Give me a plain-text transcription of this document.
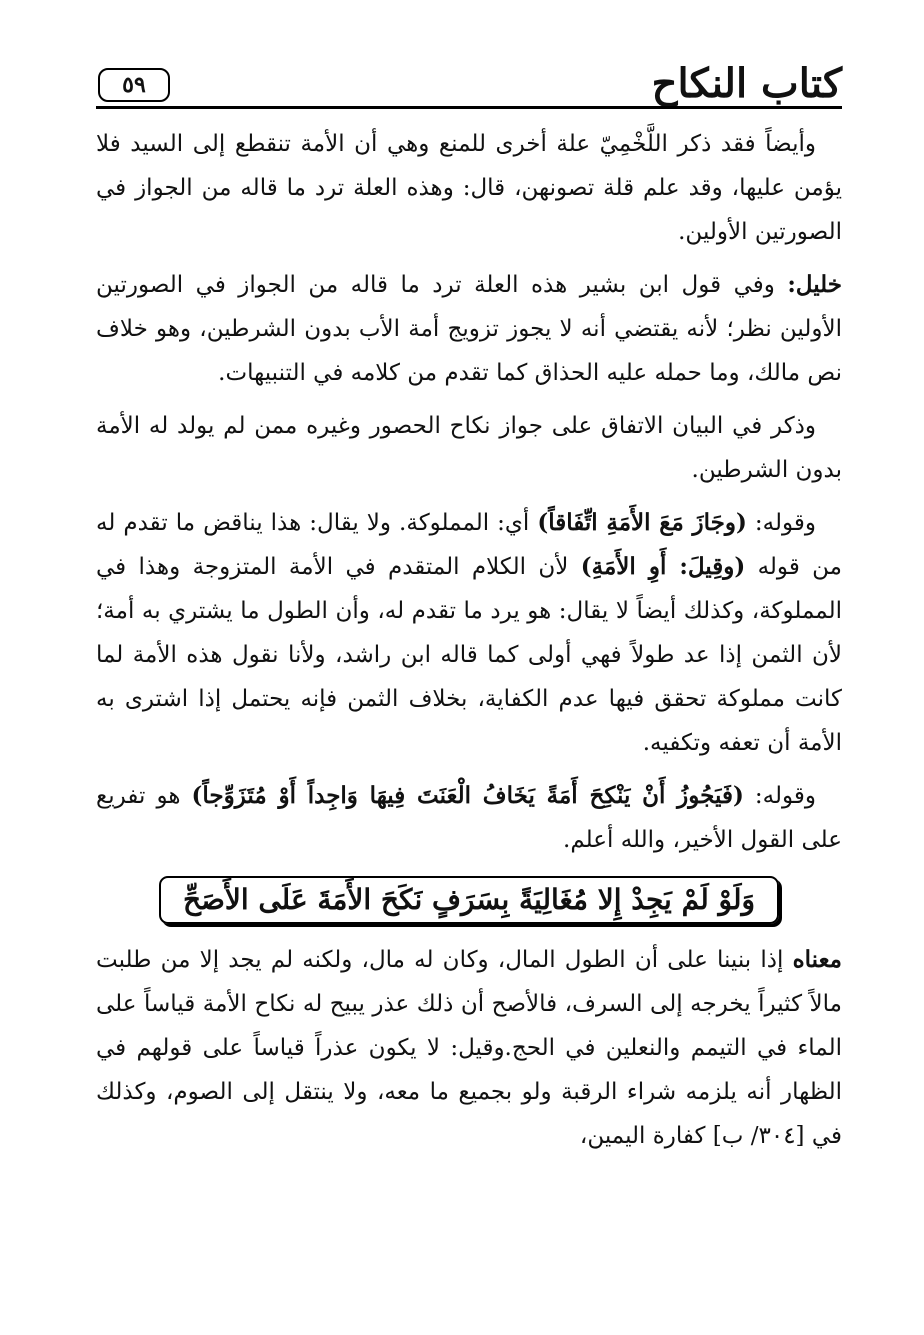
٥٩	كتاب النكاح

وأيضاً فقد ذكر اللَّخْمِيّ علة أخرى للمنع وهي أن الأمة تنقطع إلى السيد فلا يؤمن عليها، وقد علم قلة تصونهن، قال: وهذه العلة ترد ما قاله من الجواز في الصورتين الأولين.

خليل: وفي قول ابن بشير هذه العلة ترد ما قاله من الجواز في الصورتين الأولين نظر؛ لأنه يقتضي أنه لا يجوز تزويج أمة الأب بدون الشرطين، وهو خلاف نص مالك، وما حمله عليه الحذاق كما تقدم من كلامه في التنبيهات.

وذكر في البيان الاتفاق على جواز نكاح الحصور وغيره ممن لم يولد له الأمة بدون الشرطين.

وقوله: (وجَازَ مَعَ الأَمَةِ اتِّفَاقاً) أي: المملوكة. ولا يقال: هذا يناقض ما تقدم له من قوله (وقِيلَ: أَوِ الأَمَةِ) لأن الكلام المتقدم في الأمة المتزوجة وهذا في المملوكة، وكذلك أيضاً لا يقال: هو يرد ما تقدم له، وأن الطول ما يشتري به أمة؛ لأن الثمن إذا عد طولاً فهي أولى كما قاله ابن راشد، ولأنا نقول هذه الأمة لما كانت مملوكة تحقق فيها عدم الكفاية، بخلاف الثمن فإنه يحتمل إذا اشترى به الأمة أن تعفه وتكفيه.

وقوله: (فَيَجُوزُ أَنْ يَنْكِحَ أَمَةً يَخَافُ الْعَنَتَ فِيهَا وَاجِداً أَوْ مُتَزَوِّجاً) هو تفريع على القول الأخير، والله أعلم.

وَلَوْ لَمْ يَجِدْ إِلا مُغَالِيَةً بِسَرَفٍ نَكَحَ الأَمَةَ عَلَى الأَصَحِّ

معناه إذا بنينا على أن الطول المال، وكان له مال، ولكنه لم يجد إلا من طلبت مالاً كثيراً يخرجه إلى السرف، فالأصح أن ذلك عذر يبيح له نكاح الأمة قياساً على الماء في التيمم والنعلين في الحج.وقيل: لا يكون عذراً قياساً على قولهم في الظهار أنه يلزمه شراء الرقبة ولو بجميع ما معه، ولا ينتقل إلى الصوم، وكذلك في [٣٠٤/ ب] كفارة اليمين،
